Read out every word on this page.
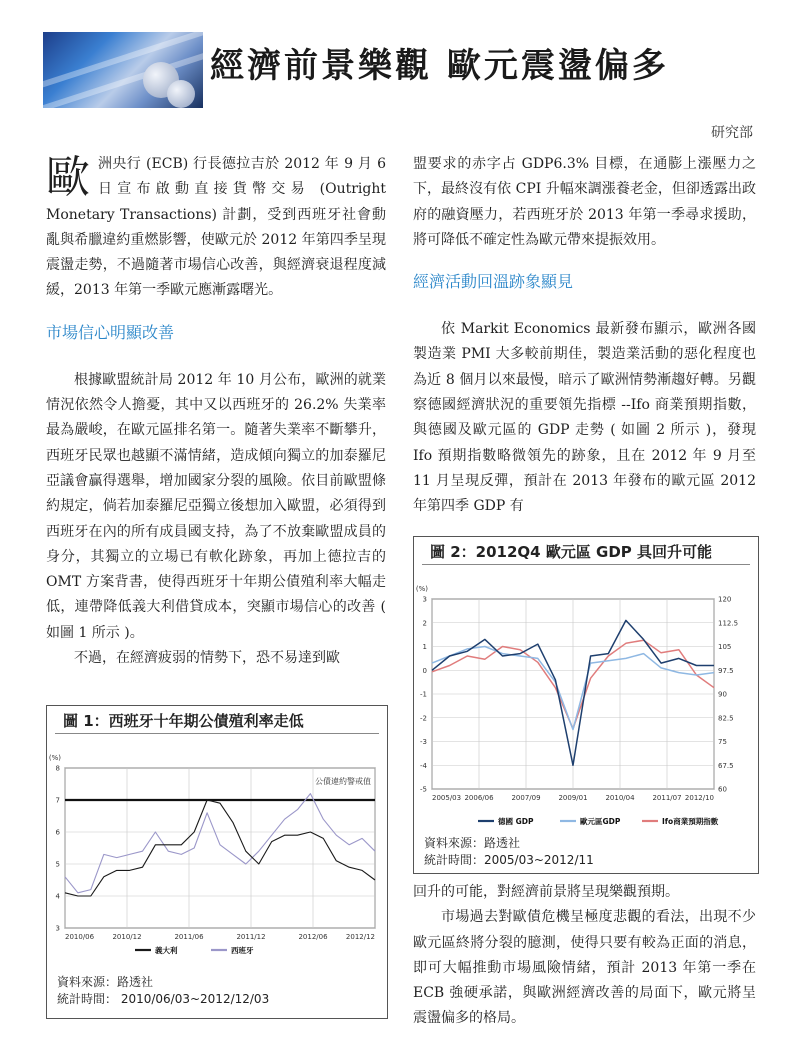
經濟前景樂觀 歐元震盪偏多
研究部
歐 洲央行 (ECB) 行長德拉吉於 2012 年 9 月 6 日宣布啟動直接貨幣交易 (Outright Monetary Transactions) 計劃，受到西班牙社會動亂與希臘違約重燃影響，使歐元於 2012 年第四季呈現震盪走勢，不過隨著市場信心改善，與經濟衰退程度減緩，2013 年第一季歐元應漸露曙光。

市場信心明顯改善

根據歐盟統計局 2012 年 10 月公布，歐洲的就業情況依然令人擔憂，其中又以西班牙的 26.2% 失業率最為嚴峻，在歐元區排名第一。隨著失業率不斷攀升，西班牙民眾也越顯不滿情緒，造成傾向獨立的加泰羅尼亞議會贏得選舉，增加國家分裂的風險。依目前歐盟條約規定，倘若加泰羅尼亞獨立後想加入歐盟，必須得到西班牙在內的所有成員國支持，為了不放棄歐盟成員的身分，其獨立的立場已有軟化跡象，再加上德拉吉的 OMT 方案背書，使得西班牙十年期公債殖利率大幅走低，連帶降低義大利借貸成本，突顯市場信心的改善 ( 如圖 1 所示 )。

不過，在經濟疲弱的情勢下，恐不易達到歐

圖 1：西班牙十年期公債殖利率走低
(%)
3
4
5
6
7
8
2010/06	2010/12	2011/06	2011/12	2012/06	2012/12
公債違約警戒值
義大利	西班牙
資料來源：路透社
統計時間： 2010/06/03~2012/12/03

盟要求的赤字占 GDP6.3% 目標，在通膨上漲壓力之下，最終沒有依 CPI 升幅來調漲養老金，但卻透露出政府的融資壓力，若西班牙於 2013 年第一季尋求援助，將可降低不確定性為歐元帶來提振效用。

經濟活動回溫跡象顯見

依 Markit Economics 最新發布顯示，歐洲各國製造業 PMI 大多較前期佳，製造業活動的惡化程度也為近 8 個月以來最慢，暗示了歐洲情勢漸趨好轉。另觀察德國經濟狀況的重要領先指標 --Ifo 商業預期指數，與德國及歐元區的 GDP 走勢 ( 如圖 2 所示 )，發現 Ifo 預期指數略微領先的跡象，且在 2012 年 9 月至 11 月呈現反彈，預計在 2013 年發布的歐元區 2012 年第四季 GDP 有

圖 2：2012Q4 歐元區 GDP 具回升可能
(%)
3
2
1
0
-1
-2
-3
-4
-5
120
112.5
105
97.5
90
82.5
75
67.5
60
2005/03 2006/06	2007/09	2009/01	2010/04	2011/07 2012/10
德國 GDP	歐元區GDP	Ifo商業預期指數
資料來源：路透社
統計時間：2005/03~2012/11

回升的可能，對經濟前景將呈現樂觀預期。

市場過去對歐債危機呈極度悲觀的看法，出現不少歐元區終將分裂的臆測，使得只要有較為正面的消息，即可大幅推動市場風險情緒，預計 2013 年第一季在 ECB 強硬承諾，與歐洲經濟改善的局面下，歐元將呈震盪偏多的格局。
